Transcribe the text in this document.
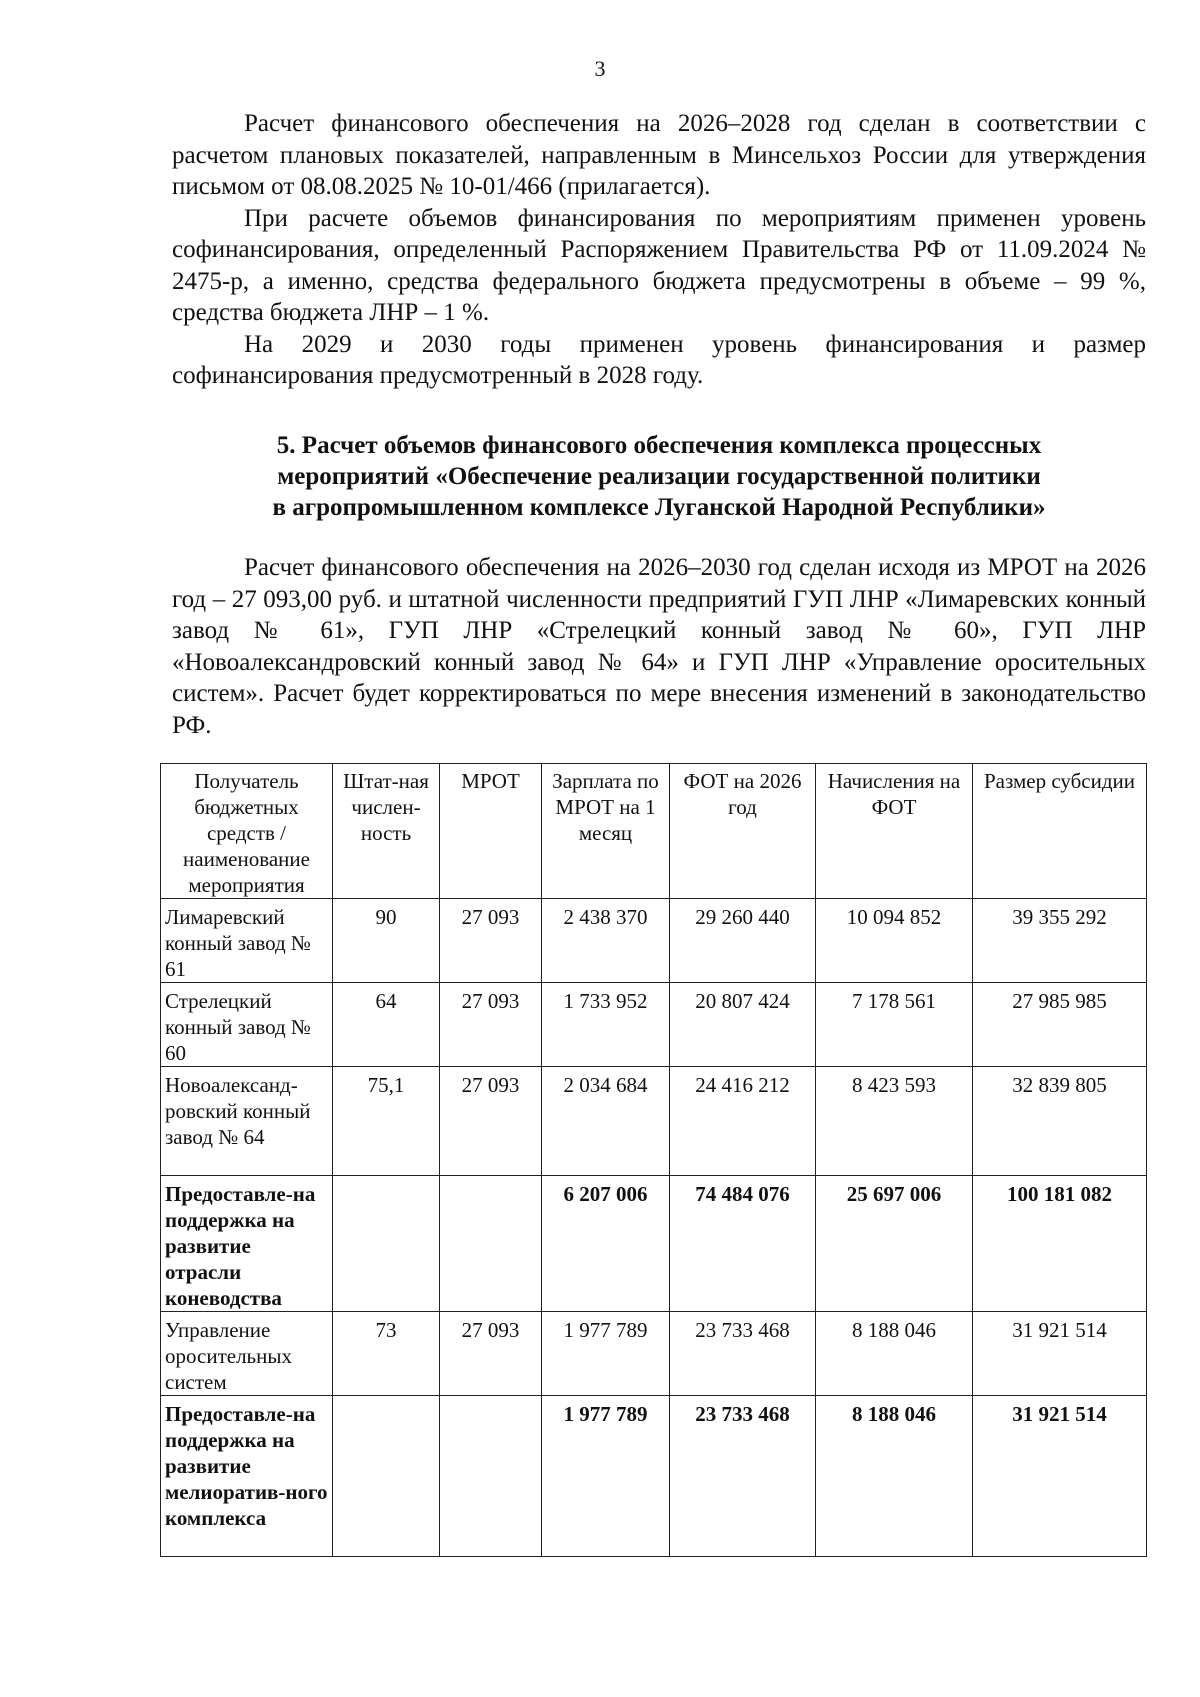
3

Расчет финансового обеспечения на 2026–2028 год сделан в соответствии с расчетом плановых показателей, направленным в Минсельхоз России для утверждения письмом от 08.08.2025 № 10-01/466 (прилагается).

При расчете объемов финансирования по мероприятиям применен уровень софинансирования, определенный Распоряжением Правительства РФ от 11.09.2024 № 2475-р, а именно, средства федерального бюджета предусмотрены в объеме – 99 %, средства бюджета ЛНР – 1 %.

На 2029 и 2030 годы применен уровень финансирования и размер софинансирования предусмотренный в 2028 году.

5. Расчет объемов финансового обеспечения комплекса процессных
мероприятий «Обеспечение реализации государственной политики
в агропромышленном комплексе Луганской Народной Республики»

Расчет финансового обеспечения на 2026–2030 год сделан исходя из МРОТ на 2026 год – 27 093,00 руб. и штатной численности предприятий ГУП ЛНР «Лимаревских конный завод № 61», ГУП ЛНР «Стрелецкий конный завод № 60», ГУП ЛНР «Новоалександровский конный завод № 64» и ГУП ЛНР «Управление оросительных систем». Расчет будет корректироваться по мере внесения изменений в законодательство РФ.

Получатель бюджетных средств / наименование мероприятия	Штат-ная числен-ность	МРОТ	Зарплата по МРОТ на 1 месяц	ФОТ на 2026 год	Начисления на ФОТ	Размер субсидии
Лимаревский конный завод № 61	90	27 093	2 438 370	29 260 440	10 094 852	39 355 292
Стрелецкий конный завод № 60	64	27 093	1 733 952	20 807 424	7 178 561	27 985 985
Новоалександ-ровский конный завод № 64	75,1	27 093	2 034 684	24 416 212	8 423 593	32 839 805
Предоставле-на поддержка на развитие отрасли коневодства			6 207 006	74 484 076	25 697 006	100 181 082
Управление оросительных систем	73	27 093	1 977 789	23 733 468	8 188 046	31 921 514
Предоставле-на поддержка на развитие мелиоратив-ного комплекса			1 977 789	23 733 468	8 188 046	31 921 514
